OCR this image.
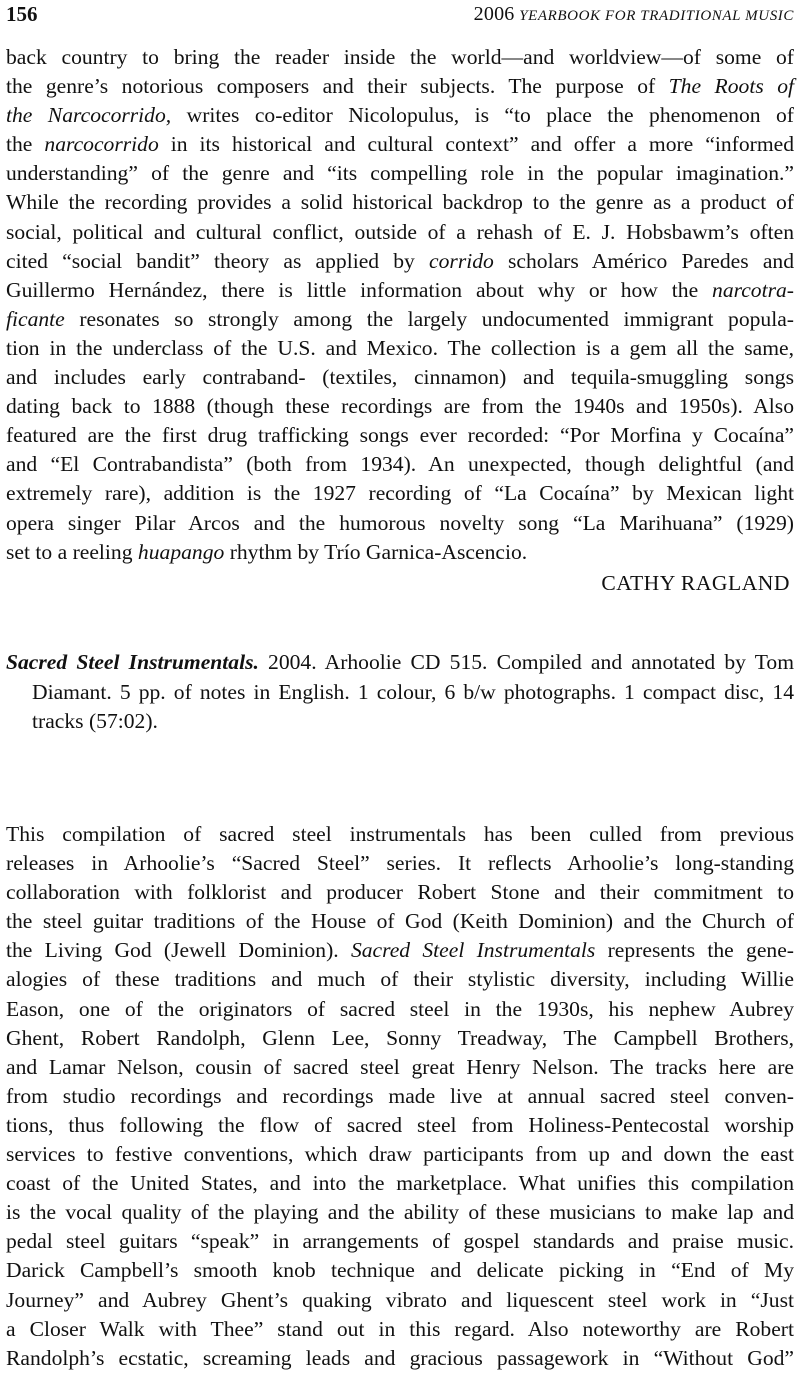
156	2006 YEARBOOK FOR TRADITIONAL MUSIC
back country to bring the reader inside the world—and worldview—of some of
the genre’s notorious composers and their subjects. The purpose of The Roots of
the Narcocorrido, writes co-editor Nicolopulus, is “to place the phenomenon of
the narcocorrido in its historical and cultural context” and offer a more “informed
understanding” of the genre and “its compelling role in the popular imagination.”
While the recording provides a solid historical backdrop to the genre as a product of
social, political and cultural conflict, outside of a rehash of E. J. Hobsbawm’s often
cited “social bandit” theory as applied by corrido scholars Américo Paredes and
Guillermo Hernández, there is little information about why or how the narcotra-
ficante resonates so strongly among the largely undocumented immigrant popula-
tion in the underclass of the U.S. and Mexico. The collection is a gem all the same,
and includes early contraband- (textiles, cinnamon) and tequila-smuggling songs
dating back to 1888 (though these recordings are from the 1940s and 1950s). Also
featured are the first drug trafficking songs ever recorded: “Por Morfina y Cocaína”
and “El Contrabandista” (both from 1934). An unexpected, though delightful (and
extremely rare), addition is the 1927 recording of “La Cocaína” by Mexican light
opera singer Pilar Arcos and the humorous novelty song “La Marihuana” (1929)
set to a reeling huapango rhythm by Trío Garnica-Ascencio.
CATHY RAGLAND
Sacred Steel Instrumentals. 2004. Arhoolie CD 515. Compiled and annotated by Tom Diamant. 5 pp. of notes in English. 1 colour, 6 b/w photographs. 1 compact disc, 14 tracks (57:02).
This compilation of sacred steel instrumentals has been culled from previous
releases in Arhoolie’s “Sacred Steel” series. It reflects Arhoolie’s long-standing
collaboration with folklorist and producer Robert Stone and their commitment to
the steel guitar traditions of the House of God (Keith Dominion) and the Church of
the Living God (Jewell Dominion). Sacred Steel Instrumentals represents the gene-
alogies of these traditions and much of their stylistic diversity, including Willie
Eason, one of the originators of sacred steel in the 1930s, his nephew Aubrey
Ghent, Robert Randolph, Glenn Lee, Sonny Treadway, The Campbell Brothers,
and Lamar Nelson, cousin of sacred steel great Henry Nelson. The tracks here are
from studio recordings and recordings made live at annual sacred steel conven-
tions, thus following the flow of sacred steel from Holiness-Pentecostal worship
services to festive conventions, which draw participants from up and down the east
coast of the United States, and into the marketplace. What unifies this compilation
is the vocal quality of the playing and the ability of these musicians to make lap and
pedal steel guitars “speak” in arrangements of gospel standards and praise music.
Darick Campbell’s smooth knob technique and delicate picking in “End of My
Journey” and Aubrey Ghent’s quaking vibrato and liquescent steel work in “Just
a Closer Walk with Thee” stand out in this regard. Also noteworthy are Robert
Randolph’s ecstatic, screaming leads and gracious passagework in “Without God”
